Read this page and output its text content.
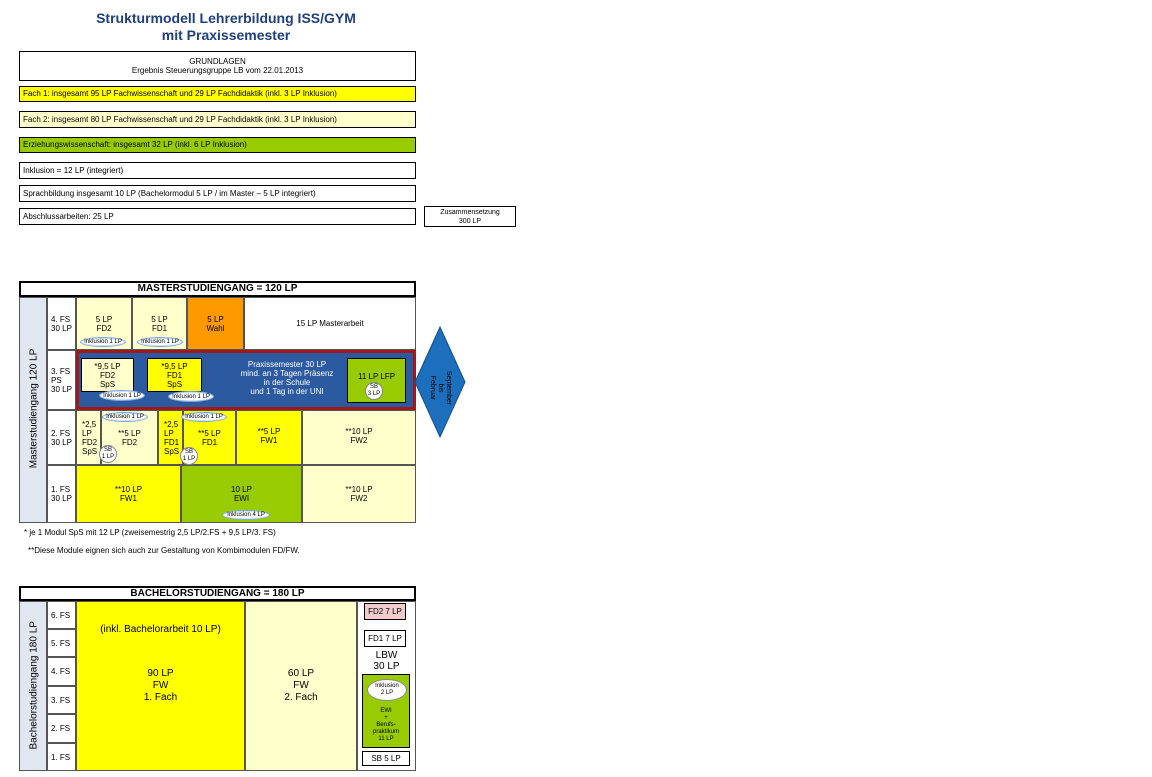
Strukturmodell Lehrerbildung ISS/GYM
mit Praxissemester
GRUNDLAGEN
Ergebnis Steuerungsgruppe LB vom 22.01.2013
Fach 1: insgesamt 95 LP Fachwissenschaft und 29 LP Fachdidaktik (inkl. 3 LP Inklusion)
Fach 2: insgesamt 80 LP Fachwissenschaft und 29 LP Fachdidaktik (inkl. 3 LP Inklusion)
Erziehungswissenschaft: insgesamt 32 LP (inkl. 6 LP Inklusion)
Inklusion = 12 LP (integriert)
Sprachbildung insgesamt 10 LP (Bachelormodul 5 LP / im Master – 5 LP integriert)
Abschlussarbeiten: 25 LP	Zusammensetzung
300 LP
MASTERSTUDIENGANG = 120 LP
Masterstudiengang 120 LP
4. FS
30 LP
3. FS
PS
30 LP
2. FS
30 LP
1. FS
30 LP
5 LP
FD2
5 LP
FD1
5 LP
Wahl	15 LP Masterarbeit
Inklusion 1 LP	Inklusion 1 LP
*9,5 LP
FD2
SpS
*9,5 LP
FD1
SpS
Inklusion 1 LP	Inklusion 1 LP
Praxissemester 30 LP
mind. an 3 Tagen Präsenz
in der Schule
und 1 Tag in der UNI
11 LP LFP
SB
3 LP	September
bis
Februar
*2,5
LP
FD2
SpS
**5 LP
FD2
*2,5
LP
FD1
SpS
**5 LP
FD1
**5 LP
FW1
**10 LP
FW2
Inklusion 1 LP	Inklusion 1 LP
SB
1 LP
SB
1 LP
**10 LP
FW1
10 LP
EWI
**10 LP
FW2
Inklusion 4 LP
* je 1 Modul SpS mit 12 LP (zweisemestrig 2,5 LP/2.FS + 9,5 LP/3. FS)
**Diese Module eignen sich auch zur Gestaltung von Kombimodulen FD/FW.
BACHELORSTUDIENGANG = 180 LP
Bachelorstudiengang 180 LP
6. FS
5. FS
4. FS
3. FS
2. FS
1. FS
(inkl. Bachelorarbeit 10 LP)
90 LP
FW
1. Fach
60 LP
FW
2. Fach
FD2 7 LP
FD1 7 LP
LBW
30 LP
Inklusion
2 LP
EWI
+
Berufs-
praktikum
11 LP
SB 5 LP
